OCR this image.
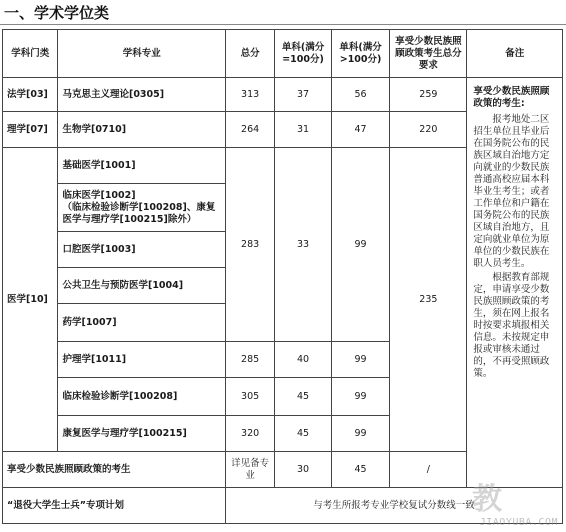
一、学术学位类
学科门类	学科专业	总分	单科(满分=100分)	单科(满分>100分)	享受少数民族照顾政策考生总分要求	备注
法学[03]	马克思主义理论[0305]	313	37	56	259	享受少数民族照顾政策的考生:

报考地处二区招生单位且毕业后在国务院公布的民族区域自治地方定向就业的少数民族普通高校应届本科毕业生考生；或者工作单位和户籍在国务院公布的民族区域自治地方，且定向就业单位为原单位的少数民族在职人员考生。

根据教育部规定，申请享受少数民族照顾政策的考生，须在网上报名时按要求填报相关信息。未按规定申报或审核未通过的，不再受照顾政策。

理学[07]	生物学[0710]	264	31	47	220	
医学[10]	基础医学[1001]	283	33	99	235	
	临床医学[1002]
（临床检验诊断学[100208]、康复医学与理疗学[100215]除外）					
	口腔医学[1003]					
	公共卫生与预防医学[1004]					
	药学[1007]					
	护理学[1011]	285	40	99		
	临床检验诊断学[100208]	305	45	99		
	康复医学与理疗学[100215]	320	45	99		
享受少数民族照顾政策的考生		详见备专业	30	45	/	
“退役大学生士兵”专项计划		与考生所报考专业学校复试分数线一致				
教
JIAOYUBA.COM
